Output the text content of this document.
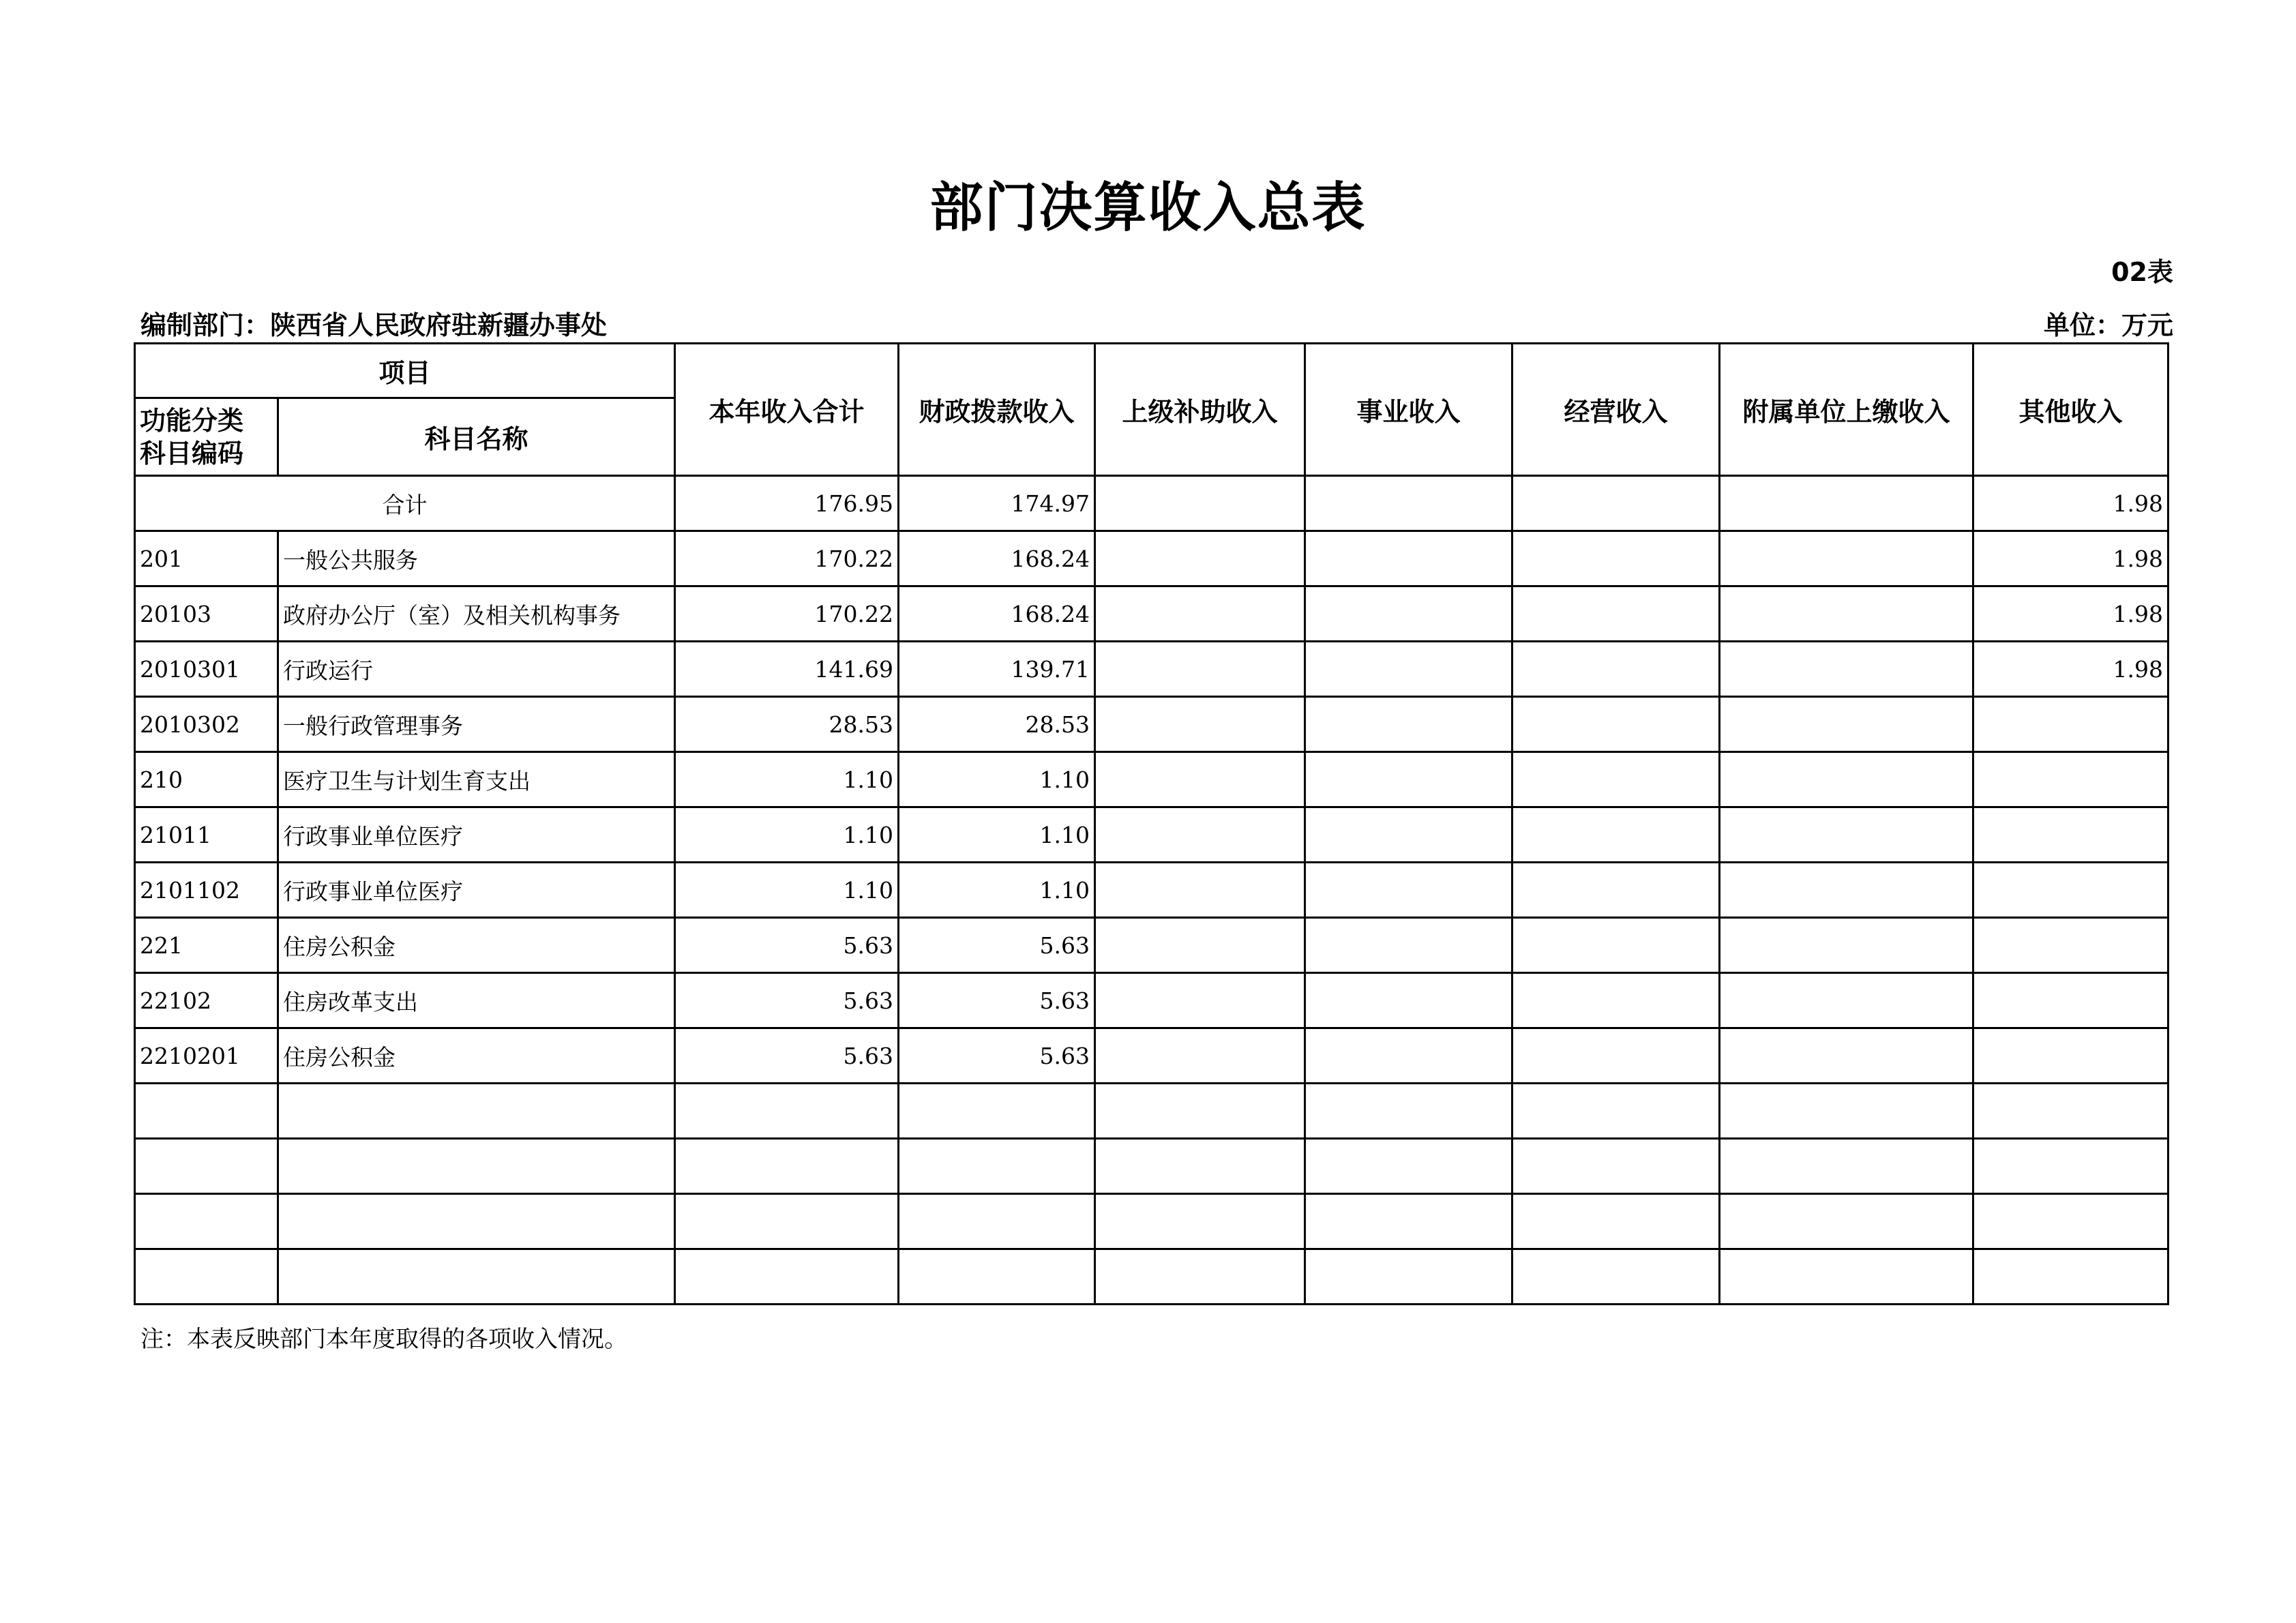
部门决算收入总表
02表
编制部门：陕西省人民政府驻新疆办事处	单位：万元
项目		本年收入合计	财政拨款收入	上级补助收入	事业收入	经营收入	附属单位上缴收入	其他收入

功能分类
科目编码	科目名称							
合计		176.95	174.97					1.98
201	一般公共服务	170.22	168.24					1.98
20103	政府办公厅（室）及相关机构事务	170.22	168.24					1.98
2010301	行政运行	141.69	139.71					1.98
2010302	一般行政管理事务	28.53	28.53					
210	医疗卫生与计划生育支出	1.10	1.10					
21011	行政事业单位医疗	1.10	1.10					
2101102	行政事业单位医疗	1.10	1.10					
221	住房公积金	5.63	5.63					
22102	住房改革支出	5.63	5.63					
2210201	住房公积金	5.63	5.63					

注：本表反映部门本年度取得的各项收入情况。
